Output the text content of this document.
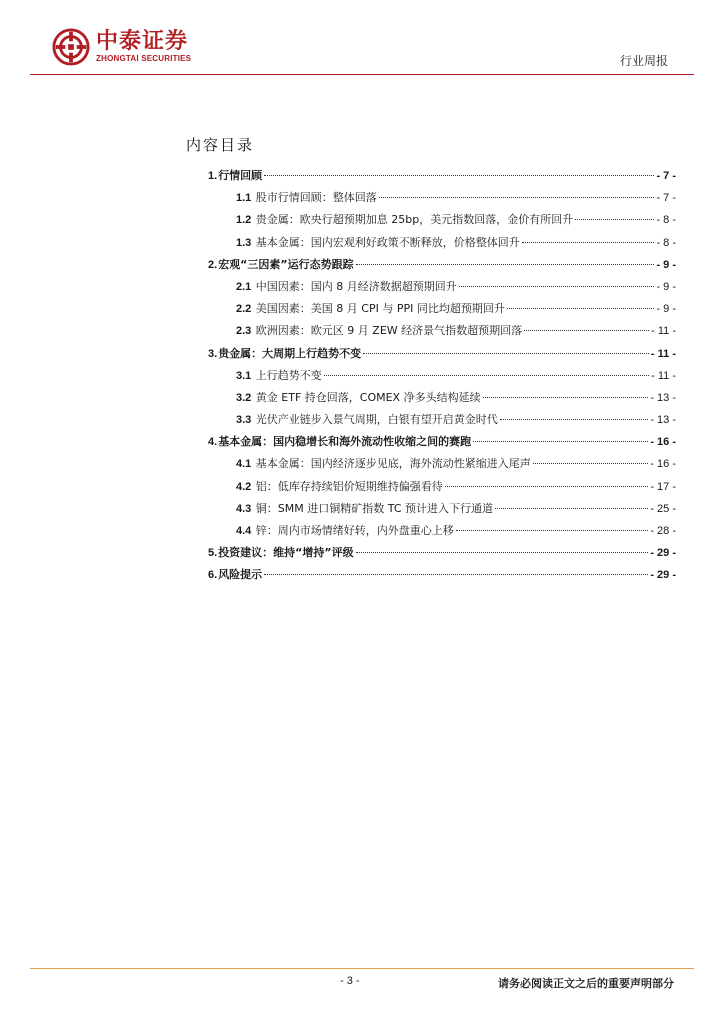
中泰证券
ZHONGTAI SECURITIES	行业周报
内容目录
1.行情回顾	- 7 -
1.1 股市行情回顾：整体回落	- 7 -
1.2 贵金属：欧央行超预期加息 25bp，美元指数回落，金价有所回升	- 8 -
1.3 基本金属：国内宏观利好政策不断释放，价格整体回升	- 8 -
2.宏观“三因素”运行态势跟踪	- 9 -
2.1 中国因素：国内 8 月经济数据超预期回升	- 9 -
2.2 美国因素：美国 8 月 CPI 与 PPI 同比均超预期回升	- 9 -
2.3 欧洲因素：欧元区 9 月 ZEW 经济景气指数超预期回落	- 11 -
3.贵金属：大周期上行趋势不变	- 11 -
3.1 上行趋势不变	- 11 -
3.2 黄金 ETF 持仓回落，COMEX 净多头结构延续	- 13 -
3.3 光伏产业链步入景气周期，白银有望开启黄金时代	- 13 -
4.基本金属：国内稳增长和海外流动性收缩之间的赛跑	- 16 -
4.1 基本金属：国内经济逐步见底，海外流动性紧缩进入尾声	- 16 -
4.2 铝：低库存持续铝价短期维持偏强看待	- 17 -
4.3 铜：SMM 进口铜精矿指数 TC 预计进入下行通道	- 25 -
4.4 锌：周内市场情绪好转，内外盘重心上移	- 28 -
5.投资建议：维持“增持”评级	- 29 -
6.风险提示	- 29 -
- 3 -	请务必阅读正文之后的重要声明部分
